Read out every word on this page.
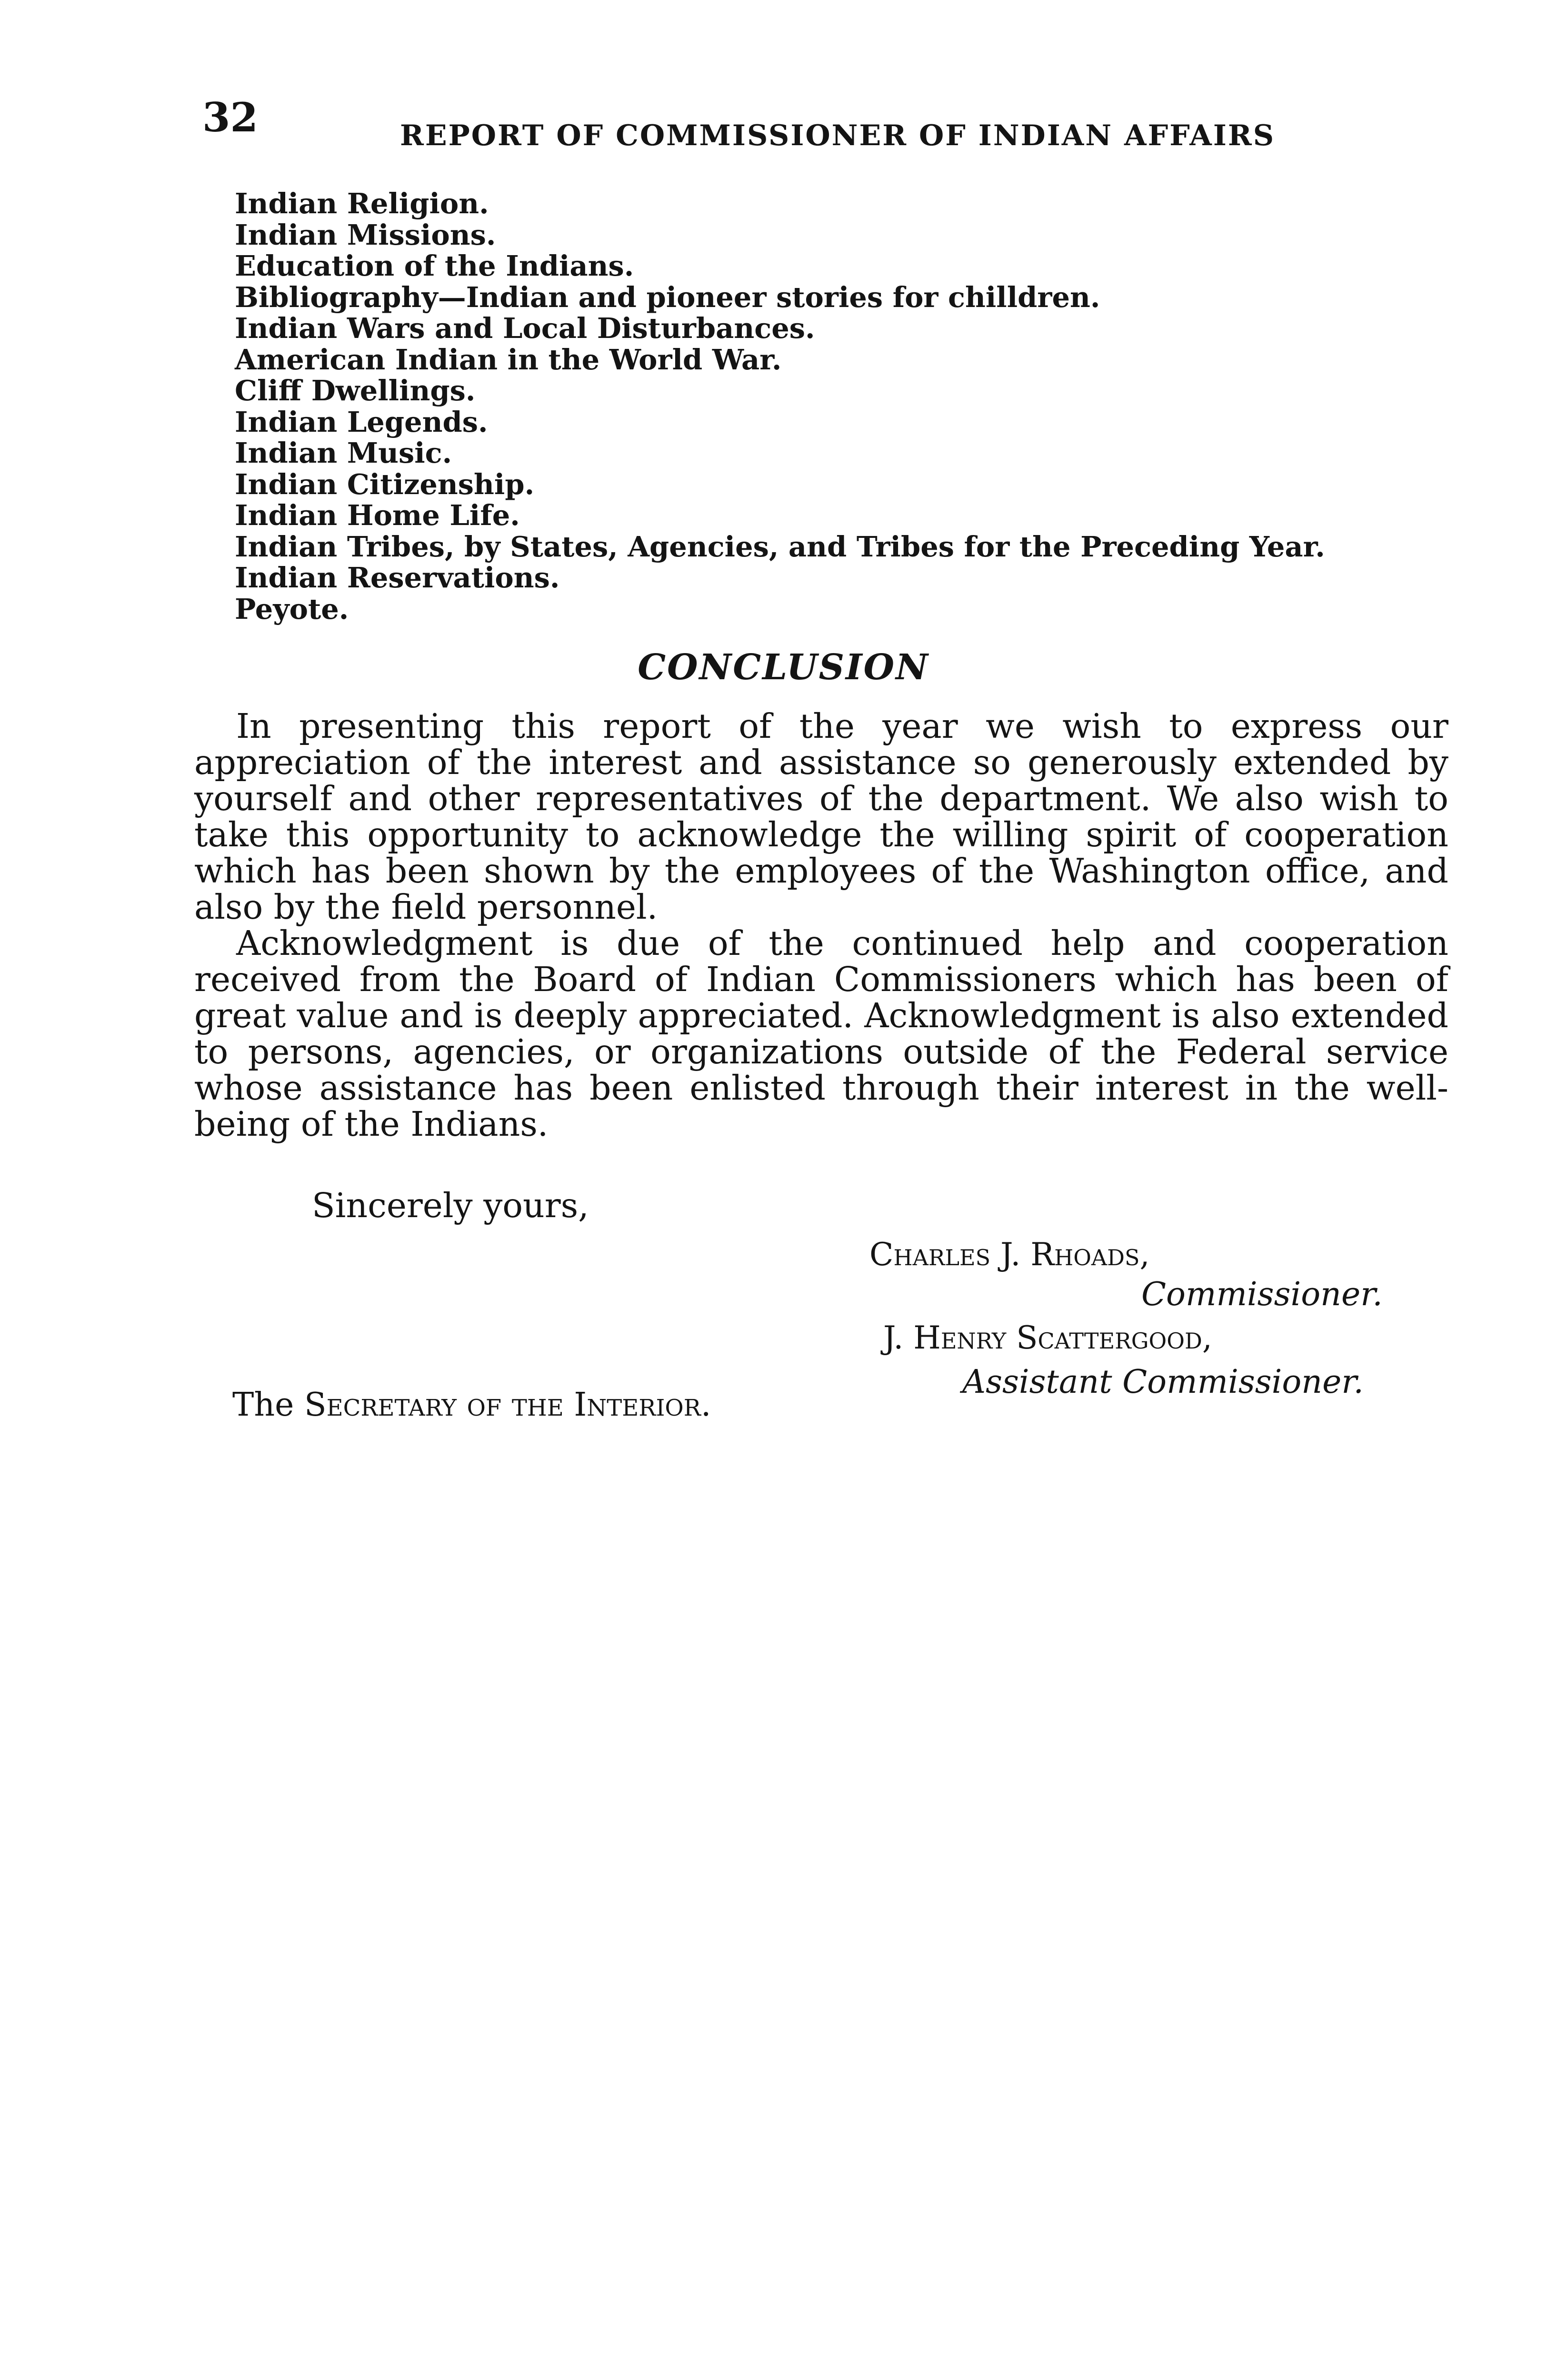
32	REPORT OF COMMISSIONER OF INDIAN AFFAIRS
Indian Religion.
Indian Missions.
Education of the Indians.
Bibliography—Indian and pioneer stories for chilldren.
Indian Wars and Local Disturbances.
American Indian in the World War.
Cliff Dwellings.
Indian Legends.
Indian Music.
Indian Citizenship.
Indian Home Life.
Indian Tribes, by States, Agencies, and Tribes for the Preceding Year.
Indian Reservations.
Peyote.
CONCLUSION

In presenting this report of the year we wish to express our appreciation of the interest and assistance so generously extended by yourself and other representatives of the department. We also wish to take this opportunity to acknowledge the willing spirit of cooperation which has been shown by the employees of the Washington office, and also by the field personnel.

Acknowledgment is due of the continued help and cooperation received from the Board of Indian Commissioners which has been of great value and is deeply appreciated. Acknowledgment is also extended to persons, agencies, or organizations outside of the Federal service whose assistance has been enlisted through their interest in the well-being of the Indians.

Sincerely yours,
Charles J. Rhoads,
Commissioner.
J. Henry Scattergood,
Assistant Commissioner.
The Secretary of the Interior.
